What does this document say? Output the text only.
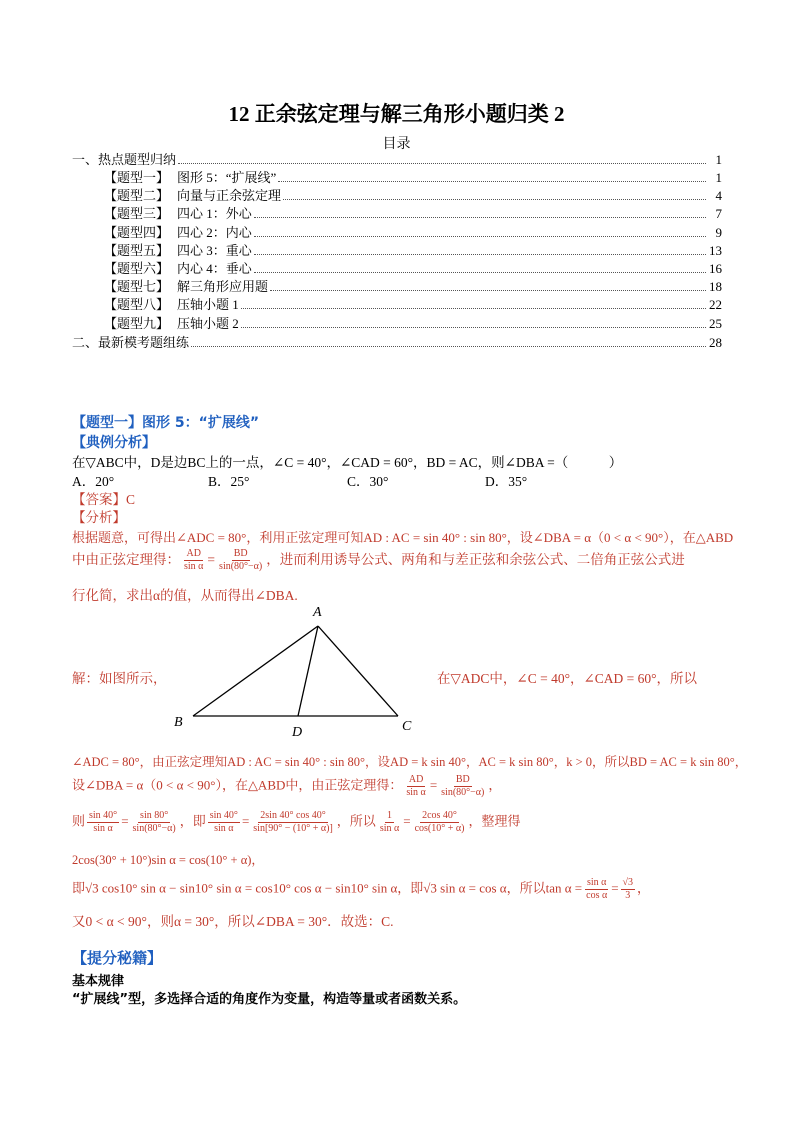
12 正余弦定理与解三角形小题归类 2
目录
一、热点题型归纳	1
【题型一】 图形 5：“扩展线”	1
【题型二】 向量与正余弦定理	4
【题型三】 四心 1：外心	7
【题型四】 四心 2：内心	9
【题型五】 四心 3：重心	13
【题型六】 内心 4：垂心	16
【题型七】 解三角形应用题	18
【题型八】 压轴小题 1	22
【题型九】 压轴小题 2	25
二、最新模考题组练	28
【题型一】图形 5：“扩展线”
【典例分析】
在▽ABC中，D是边BC上的一点，∠C = 40°，∠CAD = 60°，BD = AC，则∠DBA =（　　　）
A．20°	B．25°	C．30°	D．35°
【答案】C
【分析】
根据题意，可得出∠ADC = 80°，利用正弦定理可知AD : AC = sin 40° : sin 80°，设∠DBA = α（0 < α < 90°），在△ABD
中由正弦定理得： $\frac{AD}{\text{sin α}} = \frac{BD}{\sin(80^\circ-\alpha)}$ ，进而利用诱导公式、两角和与差正弦和余弦公式、二倍角正弦公式进
行化简，求出α的值，从而得出∠DBA.
A
B	C
D
解：如图所示，	在▽ADC中，∠C = 40°，∠CAD = 60°，所以
∠ADC = 80°，由正弦定理知AD : AC = sin 40° : sin 80°，设AD = k sin 40°，AC = k sin 80°，k > 0，所以BD = AC = k sin 80°，
设∠DBA = α（0 < α < 90°），在△ABD中，由正弦定理得： $\frac{AD}{\text{sin α}} = \frac{BD}{\sin(80^\circ-\alpha)}$ ，
则 $\frac{\sin 40^\circ}{\text{sin α}} = \frac{\sin 80^\circ}{\sin(80^\circ-\alpha)}$ ，即 $\frac{\sin 40^\circ}{\text{sin α}} = \frac{2\sin 40^\circ \cos 40^\circ}{\sin[90^\circ - (10^\circ + \alpha)]}$ ，所以 $\frac{1}{\text{sin α}} = \frac{2\cos 40^\circ}{\cos(10^\circ + \alpha)}$ ，整理得
2cos(30° + 10°)sin α = cos(10° + α)，
即√3 cos10° sin α − sin10° sin α = cos10° cos α − sin10° sin α，即√3 sin α = cos α，所以$\tan \alpha = \frac{\text{sin α}}{\text{cos α}} = \frac{√3}{3}$ ，
又0 < α < 90°，则α = 30°，所以∠DBA = 30°．故选：C.
【提分秘籍】
基本规律
“扩展线”型，多选择合适的角度作为变量，构造等量或者函数关系。
